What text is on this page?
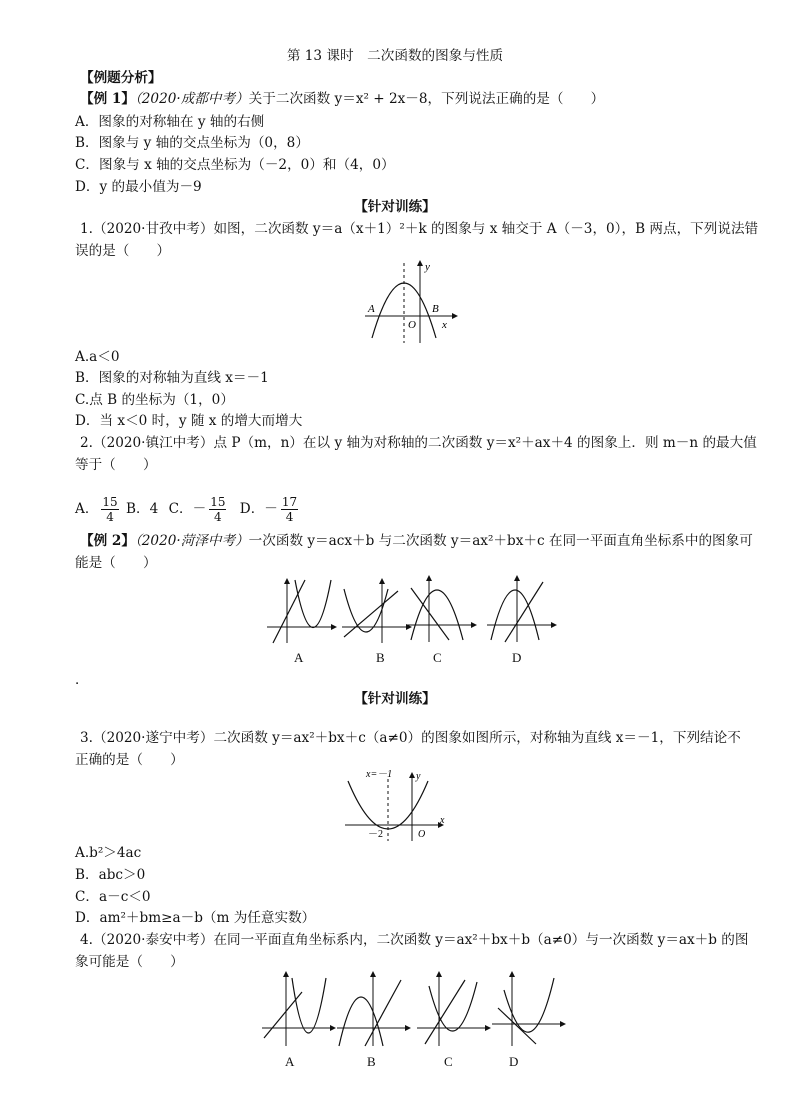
第 13 课时　二次函数的图象与性质
【例题分析】
【例 1】（2020·成都中考）关于二次函数 y＝x² + 2x－8，下列说法正确的是（　　）
A．图象的对称轴在 y 轴的右侧
B．图象与 y 轴的交点坐标为（0，8）
C．图象与 x 轴的交点坐标为（－2，0）和（4，0）
D．y 的最小值为－9
【针对训练】
1.（2020·甘孜中考）如图，二次函数 y＝a（x＋1）²＋k 的图象与 x 轴交于 A（－3，0），B 两点，下列说法错
误的是（　　）
y
x
O
A	B
A.a＜0
B．图象的对称轴为直线 x＝－1
C.点 B 的坐标为（1，0）
D．当 x＜0 时，y 随 x 的增大而增大
2.（2020·镇江中考）点 P（m，n）在以 y 轴为对称轴的二次函数 y＝x²＋ax＋4 的图象上．则 m－n 的最大值
等于（　　）
A． $\frac{15}{4}$ B．4 C．－ $\frac{15}{4}$ D．－ $\frac{17}{4}$
【例 2】（2020·菏泽中考）一次函数 y＝acx＋b 与二次函数 y＝ax²＋bx＋c 在同一平面直角坐标系中的图象可
能是（　　）
A	B	C	D
．
【针对训练】
3.（2020·遂宁中考）二次函数 y＝ax²＋bx＋c（a≠0）的图象如图所示，对称轴为直线 x＝－1，下列结论不
正确的是（　　）
x=－1 y
x
O
－2
A.b²＞4ac
B．abc＞0
C．a－c＜0
D．am²＋bm≥a－b（m 为任意实数）
4.（2020·泰安中考）在同一平面直角坐标系内，二次函数 y＝ax²＋bx＋b（a≠0）与一次函数 y＝ax＋b 的图
象可能是（　　）
A	B	C	D
